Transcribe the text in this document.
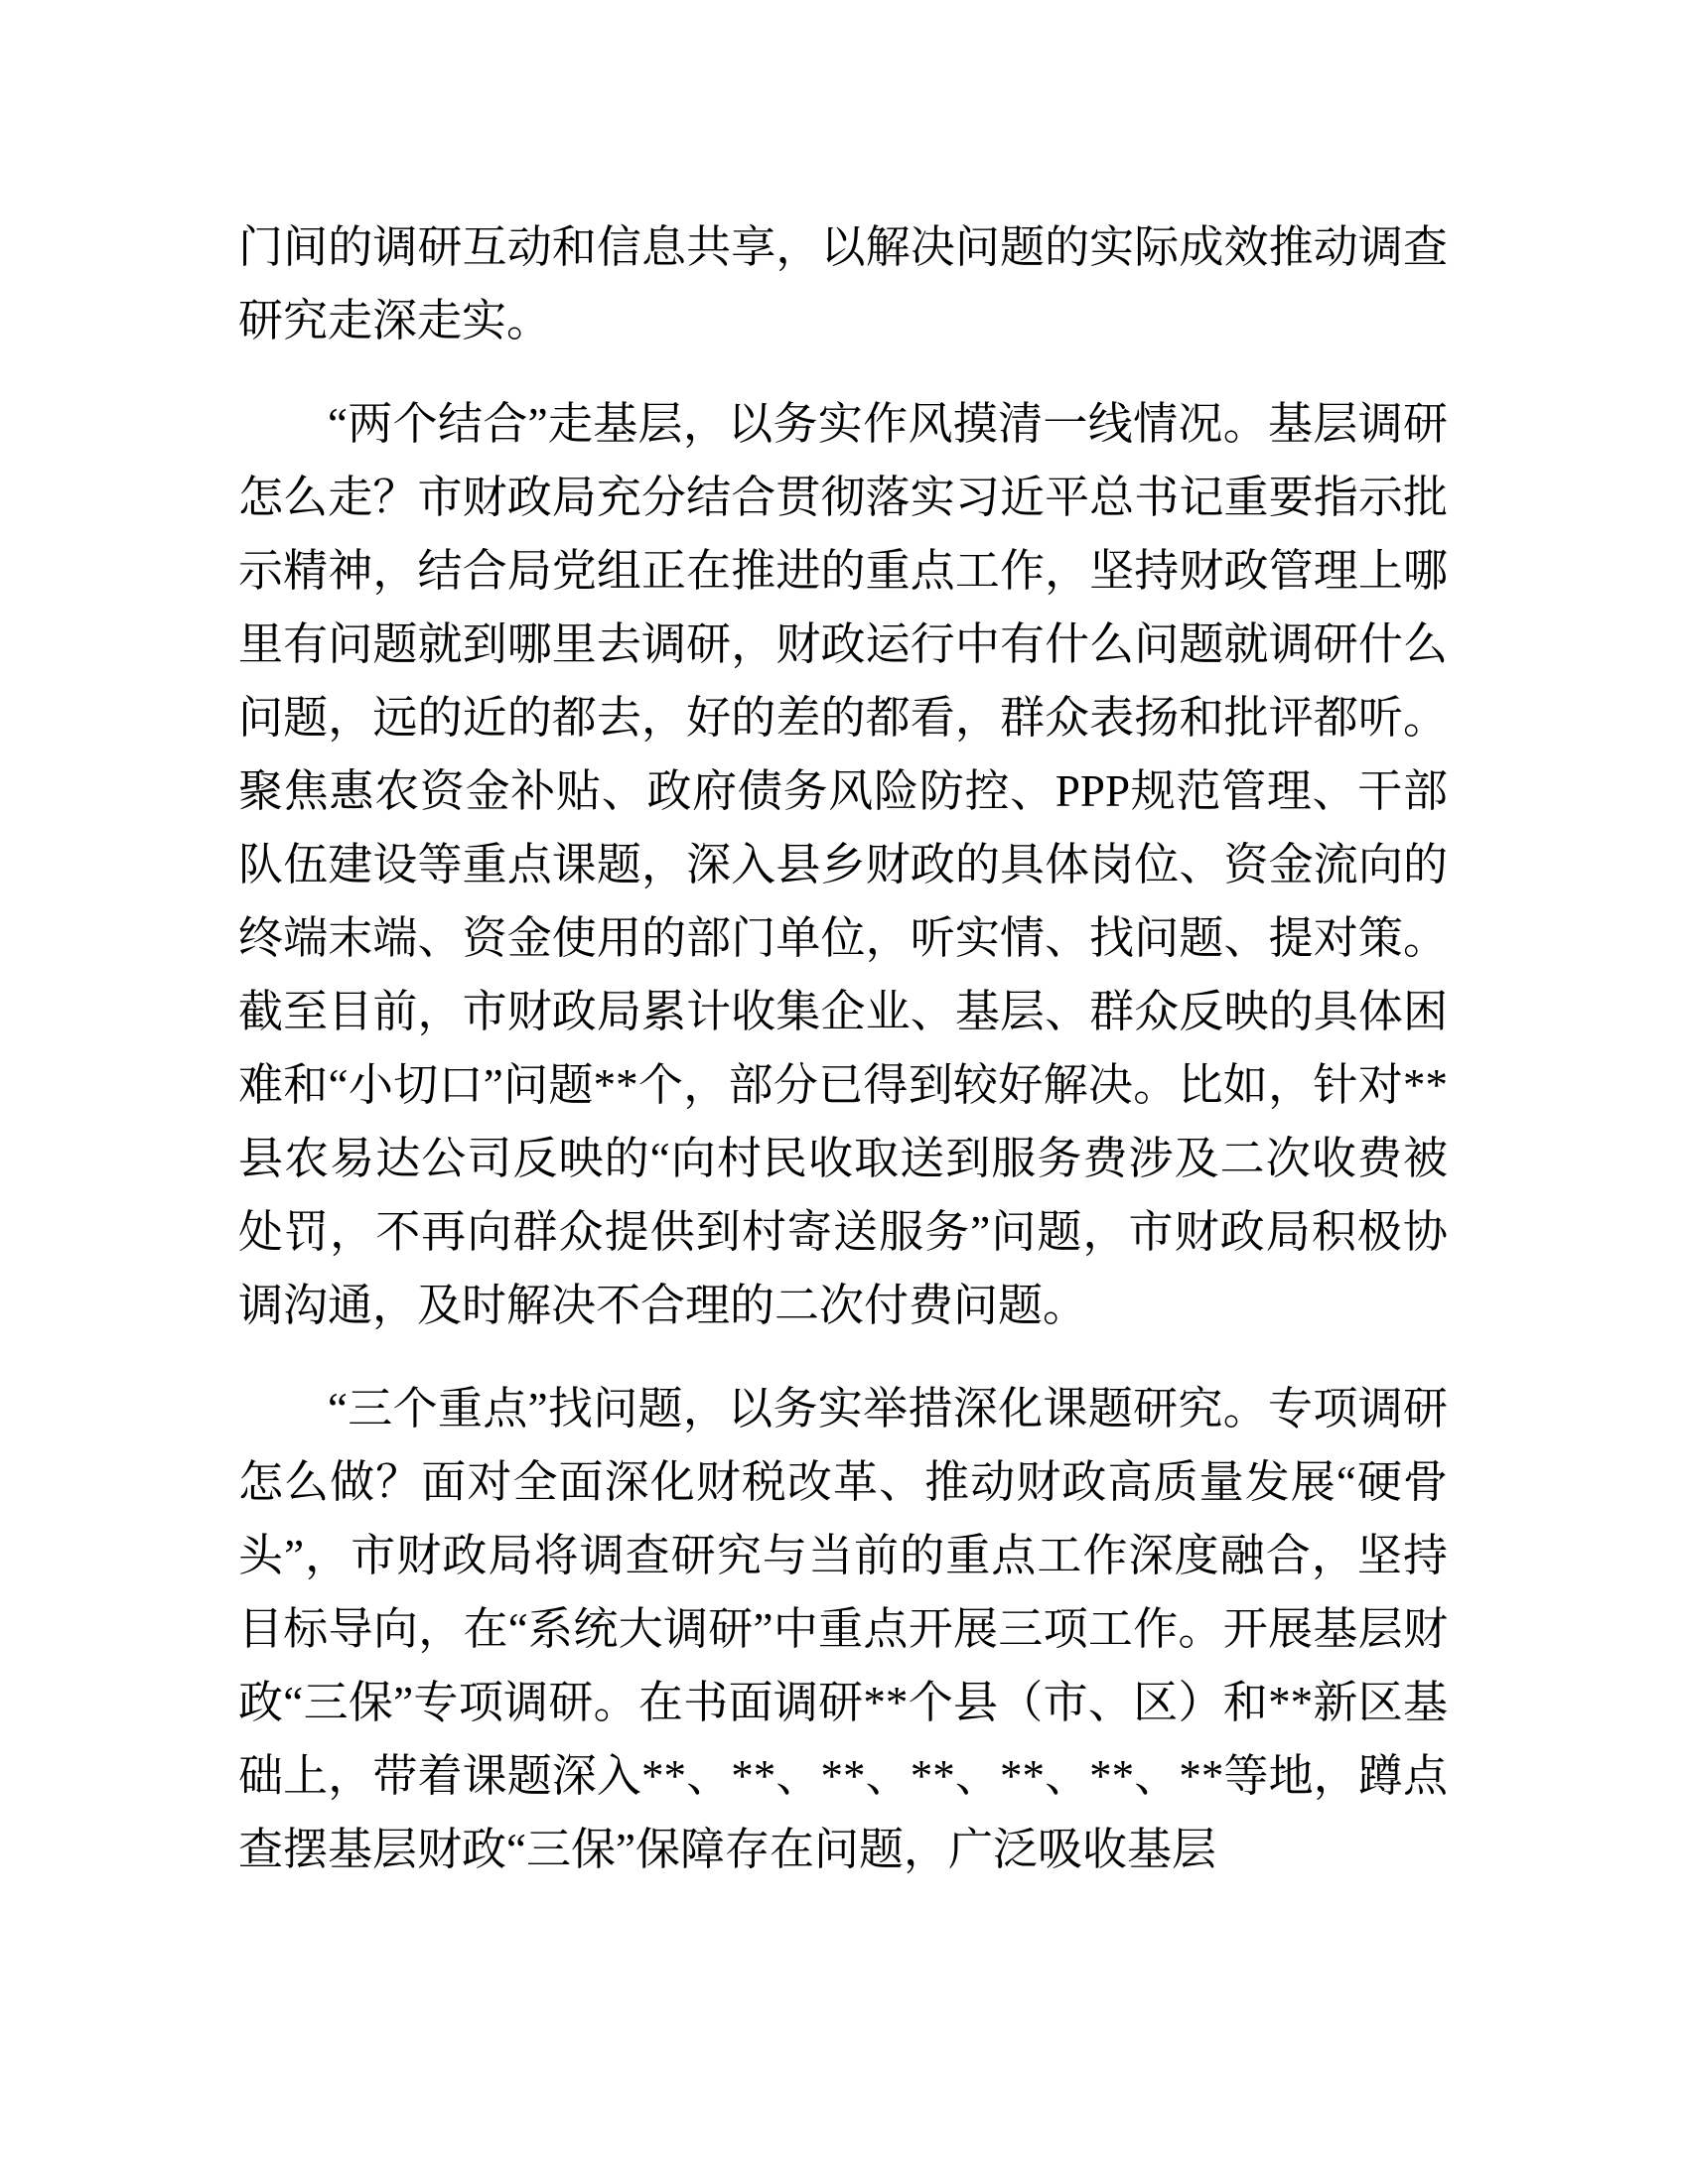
门间的调研互动和信息共享，以解决问题的实际成效推动调查研究走深走实。

“两个结合”走基层，以务实作风摸清一线情况。基层调研怎么走？市财政局充分结合贯彻落实习近平总书记重要指示批示精神，结合局党组正在推进的重点工作，坚持财政管理上哪里有问题就到哪里去调研，财政运行中有什么问题就调研什么问题，远的近的都去，好的差的都看，群众表扬和批评都听。聚焦惠农资金补贴、政府债务风险防控、PPP规范管理、干部队伍建设等重点课题，深入县乡财政的具体岗位、资金流向的终端末端、资金使用的部门单位，听实情、找问题、提对策。截至目前，市财政局累计收集企业、基层、群众反映的具体困难和“小切口”问题**个，部分已得到较好解决。比如，针对**县农易达公司反映的“向村民收取送到服务费涉及二次收费被处罚，不再向群众提供到村寄送服务”问题，市财政局积极协调沟通，及时解决不合理的二次付费问题。

“三个重点”找问题，以务实举措深化课题研究。专项调研怎么做？面对全面深化财税改革、推动财政高质量发展“硬骨头”，市财政局将调查研究与当前的重点工作深度融合，坚持目标导向，在“系统大调研”中重点开展三项工作。开展基层财政“三保”专项调研。在书面调研**个县（市、区）和**新区基础上，带着课题深入**、**、**、**、**、**、**等地，蹲点查摆基层财政“三保”保障存在问题，广泛吸收基层
